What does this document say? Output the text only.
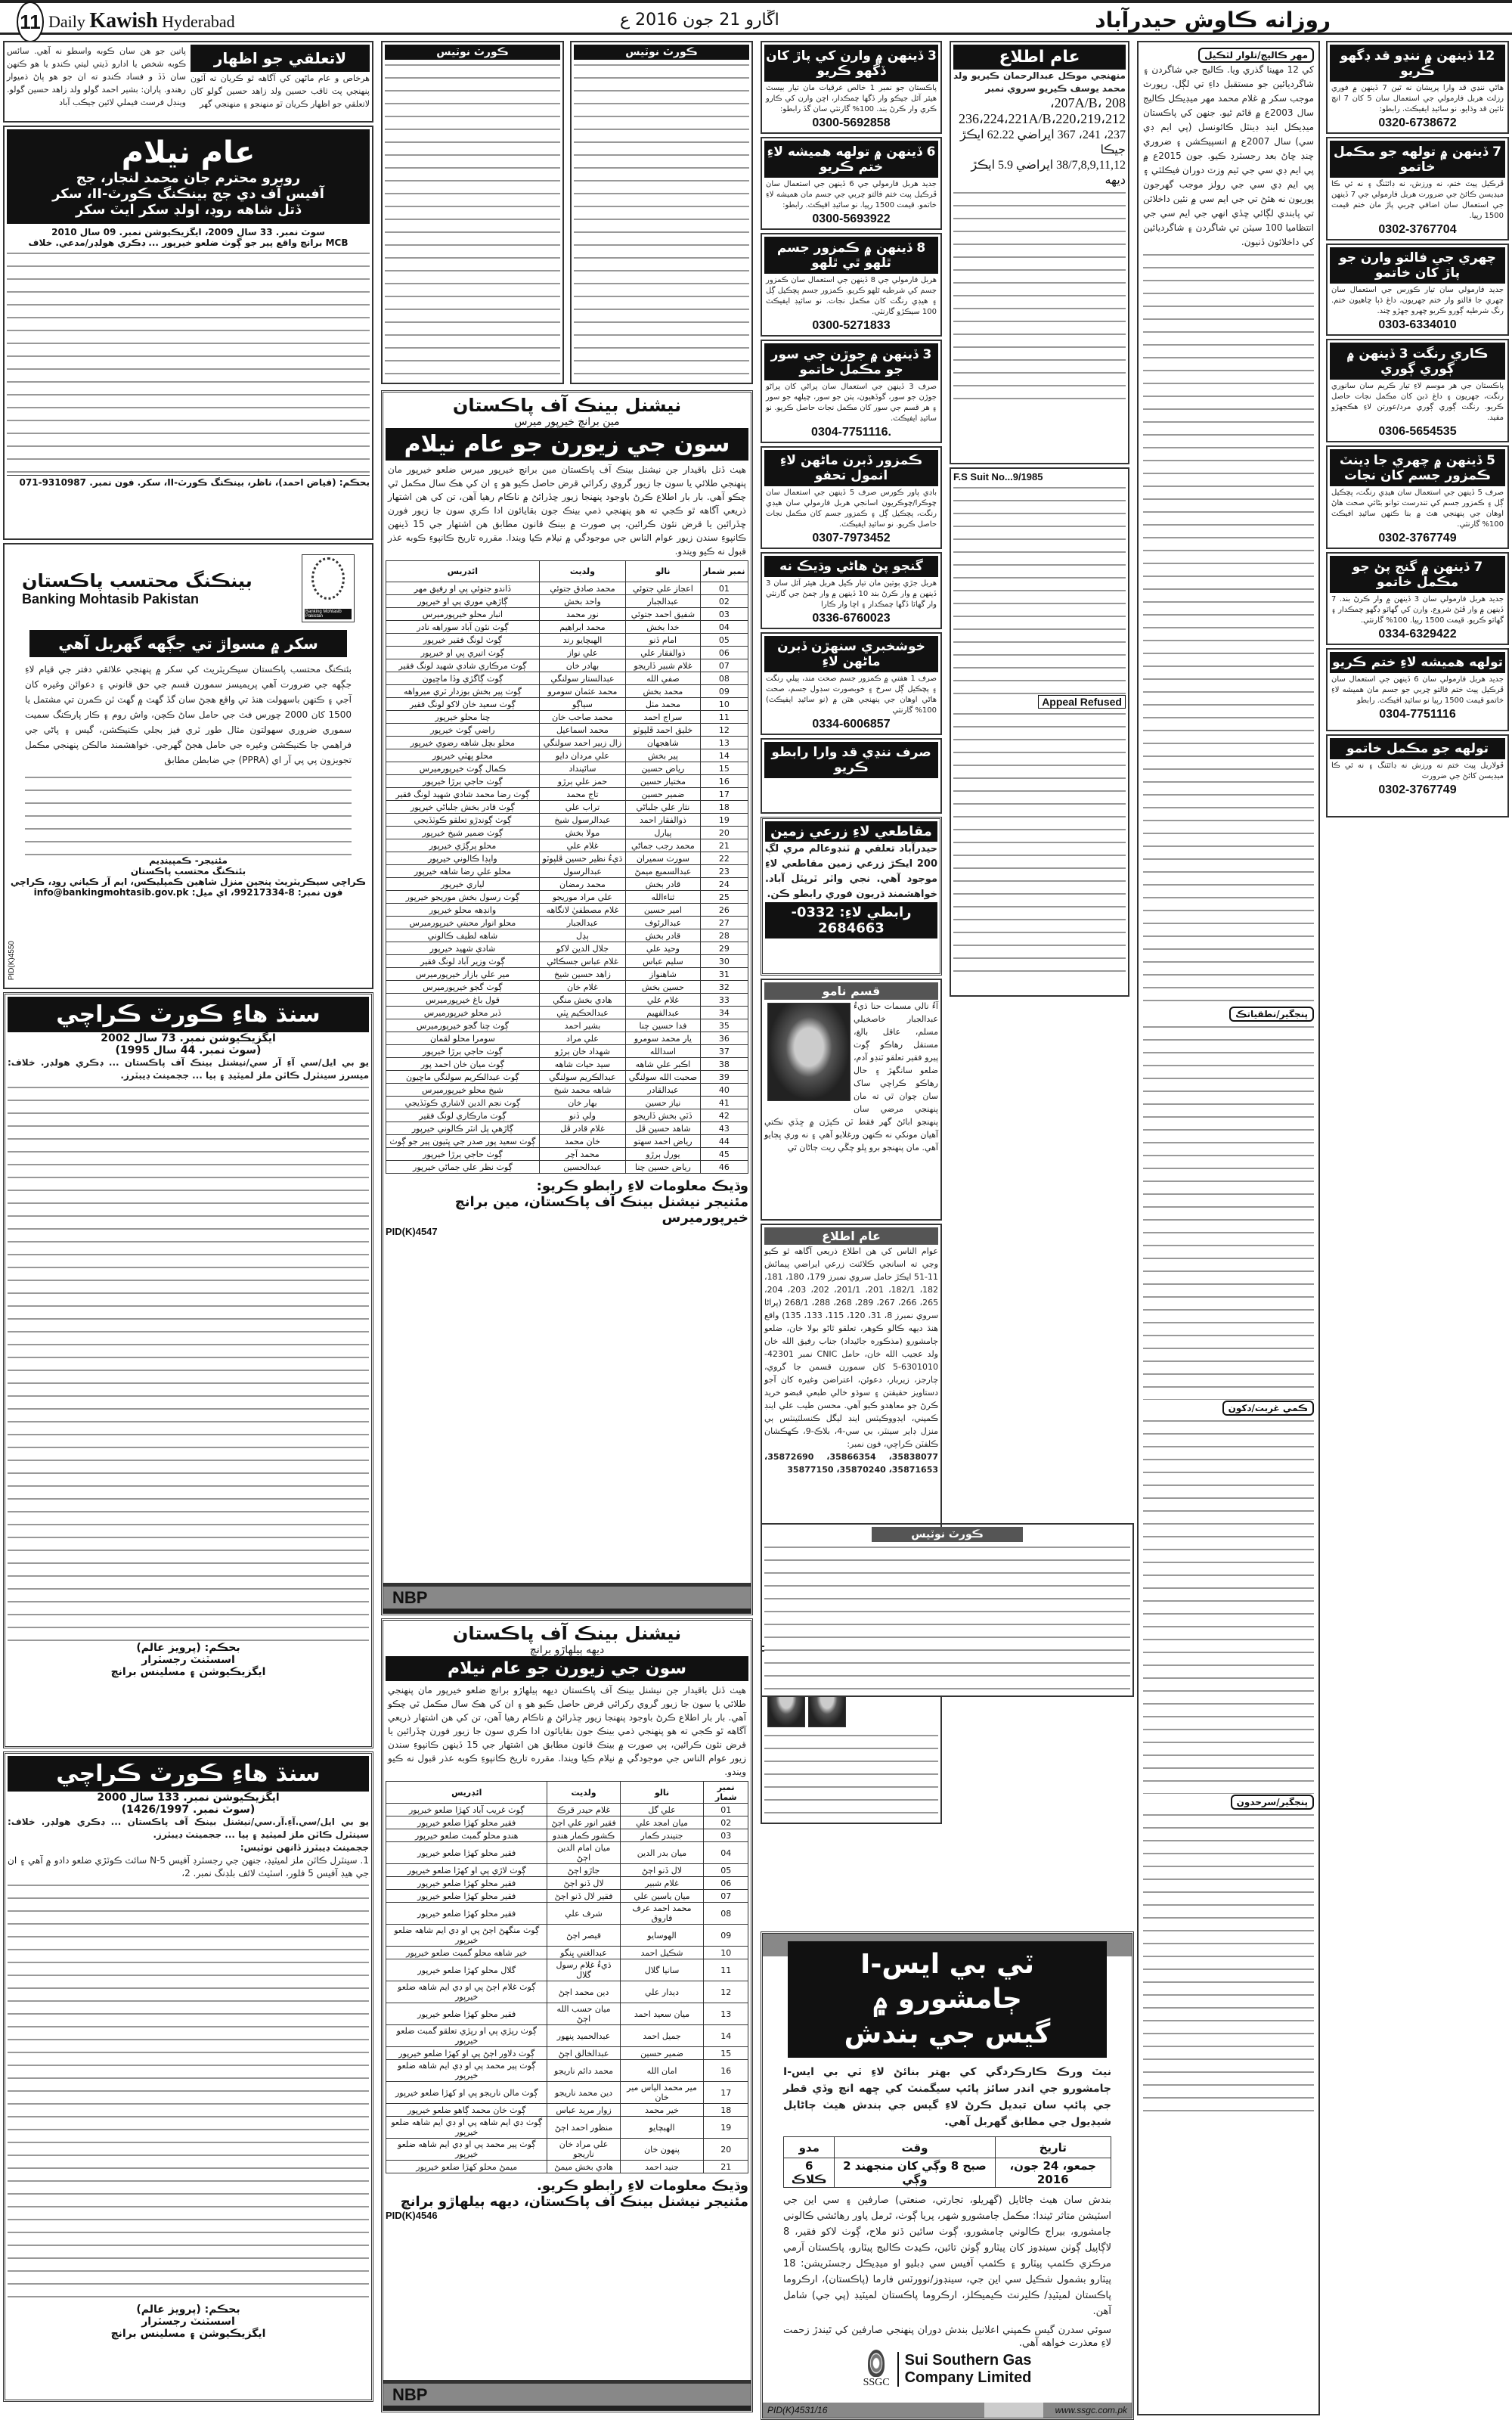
11 Daily Kawish Hyderabad	اڱارو 21 جون 2016 ع	روزانه ڪاوش حيدرآباد
لاتعلقي جو اظهار
هرخاص و عام ماڻهن کي آگاهه ٿو ڪريان ته آئون پنهنجي پٽ ثاقب حسين ولد زاهد حسين گولو کان لاتعلقي جو اظهار ڪريان ٿو منهنجو ۽ منهنجي گهر
پاتين جو هن سان ڪوبه واسطو نه آهي. سائس ڪوبه شخص يا ادارو ڏيتي ليتي ڪندو يا هو ڪنهن سان ڏڏ و فساد ڪندو ته ان جو هو پاڻ ذميوار رهندو. پاران: بشير احمد گولو ولد زاهد حسين گولو. وينڊل فرسٽ فيملي لائين جيڪب آباد
عام نيلام
روبرو محترم جان محمد لنجار، جج
آفيس آف دي جج بينڪنگ ڪورٽ-II، سکر
ڏتل شاهه روڊ، اولڊ سکر ايٽ سکر
سوٽ نمبر. 33 سال 2009، ايگزيڪيوشن نمبر. 09 سال 2010
MCB برانچ واقع پير جو ڳوٺ ضلعو خيرپور ... ڊڪري هولڊر/مدعي. خلاف
بحڪم: (فياض احمد)، ناظر، بينڪنگ ڪورٽ-II، سکر. فون نمبر. 9310987-071
بينڪنگ محتسب پاڪستان
Banking Mohtasib Pakistan
Banking Mohtasib Pakistan
سکر ۾ مسواڙ تي جڳهه گهربل آهي
بئنڪنگ محتسب پاڪستان سيڪريٽريٽ کي سکر ۾ پنهنجي علائقي دفتر جي قيام لاءِ جڳهه جي ضرورت آهي پريميسز سمورن قسم جي حق قانوني ۽ دعوائن وغيره کان آجي ۽ ڪنهن باسهولت هنڌ تي واقع هجڻ سان گڏ گهٽ ۾ گهٽ ٽن ڪمرن تي مشتمل يا 1500 کان 2000 چورس فٽ جي حامل ساڻ ڪچن، واش روم ۽ ڪار پارڪنگ سميت سموري ضروري سهولتون مثال طور ٽري فيز بجلي ڪنيڪشن، گيس ۽ پاڻي جي فراهمي جا ڪنيڪشن وغيره جي حامل هجڻ گهرجي. خواهشمند مالڪن پنهنجي مڪمل تجويزون پي پي آر اي (PPRA) جي ضابطن مطابق
مئنيجر- ڪمپينڊيم
بئنڪنگ محتسب پاڪستان
ڪراچي سيڪريٽريٽ پنجين منزل شاهين ڪمپليڪس، ايم آر ڪياني روڊ، ڪراچي
فون نمبر: 8-99217334، اي ميل: info@bankingmohtasib.gov.pk
PID(K)4550
سنڌ هاءِ ڪورٽ ڪراچي
ايگزيڪيوشن نمبر. 73 سال 2002
(سوٽ نمبر. 44 سال 1995)
يو بي ايل/سي آءِ آر سي/نيشنل بينڪ آف پاڪستان ... ڊڪري هولڊر. خلاف: ميسرز سينٽرل ڪاٽن ملز لميٽيڊ ۽ ٻيا ... ججمينٽ ڊيبٽرز.
بحڪم: (پرويز عالم)
اسسٽنٽ رجسٽرار
ايگزيڪيوشن ۽ مسلينس برانچ
سنڌ هاءِ ڪورٽ ڪراچي
ايگزيڪيوشن نمبر. 133 سال 2000
(سوٽ نمبر. 1426/1997)
يو بي ايل/سي.آءِ.آر.سي/نيشنل بينڪ آف پاڪستان ... ڊڪري هولڊر. خلاف: سينٽرل ڪاٽن ملز لميٽيڊ ۽ ٻيا ... ججمينٽ ڊيبٽرز.
ججمينٽ ڊيبٽرز ڏانهن نوٽيس:
1. سينٽرل ڪاٽن ملز لميٽيڊ، جنهن جي رجسٽرڊ آفيس N-5 سائٽ ڪوٽڙي ضلعو دادو ۾ آهي ۽ ان جي هيڊ آفيس 5 فلور، اسٽيٽ لائف بلڊنگ نمبر. 2،
بحڪم: (پرويز عالم)
اسسٽنٽ رجسٽرار
ايگزيڪيوشن ۽ مسلينس برانچ
ڪورٽ نوٽيس	ڪورٽ نوٽيس
نيشنل بينڪ آف پاڪستان
مين برانچ خيرپور ميرس
سون جي زيورن جو عام نيلام
هيٺ ڏنل باقيدار جن نيشنل بينڪ آف پاڪستان مين برانچ خيرپور ميرس ضلعو خيرپور مان پنهنجي طلائي يا سون جا زيور گروي رکرائي قرض حاصل ڪيو هو ۽ ان کي هڪ سال مڪمل ٿي چڪو آهي. بار بار اطلاع ڪرڻ باوجود پنهنجا زيور ڇڏرائڻ ۾ ناڪام رهيا آهن، تن کي هن اشتهار ذريعي آگاهه ٿو ڪجي ته هو پنهنجي ذمي بينڪ جون بقايائون ادا ڪري سون جا زيور فورن ڇڏرائين يا قرض نئون ڪرائين، ٻي صورت ۾ بينڪ قانون مطابق هن اشتهار جي 15 ڏينهن ڪانپوءِ سندن زيور عوام الناس جي موجودگي ۾ نيلام ڪيا ويندا. مقرره تاريخ ڪانپوءِ ڪوبه عذر قبول نه ڪيو ويندو.
نمبر شمار	نالو	ولديت	ائڊريس
01	اعجاز علي جتوئي	محمد صادق جتوئي	ڏاندو جتوئي پي او رفيق مهر
02	عبدالجبار	واحد بخش	ڳاڙهي موري پي او خيرپور
03	شفيق احمد جتوئي	نور محمد	انبار محلو خيرپورميرس
04	خدا بخش	محمد ابراهيم	ڳوٺ نئون آباد سوراهه نادر
05	امام ڏنو	الهبچايو رند	ڳوٺ لونگ فقير خيرپور
06	ذوالفقار علي	علي نواز	ڳوٺ اتيري پي او خيرپور
07	غلام شبير ڏاريجو	بهادر خان	ڳوٺ مرڪاري شادي شهيد لونگ فقير
08	صفي الله	عبدالستار سولنگي	ڳوٺ ڳاگڙي وڏا ماڇيون
09	محمد بخش	محمد عثمان سومرو	ڳوٺ پير بخش بوزدار ٽري ميرواهه
10	محمد مٺل	سياڳو	ڳوٺ سعيد خان لاکو لونگ فقير
11	سراج احمد	محمد صاحب خان	چنا محلو خيرپور
12	خليق احمد ڦلپوٽو	محمد اسماعيل	راضي ڳوٺ خيرپور
13	شاهجهان	زال زبير احمد سولنگي	محلو بچل شاهه رضوي خيرپور
14	پير بخش	علي مردان دايو	محلو ڀهٽي خيرپور
15	رياض حسين	سائينداد	ڪمال ڳوٺ خيرپورميرس
16	مختيار حسين	حمز علي ٻرڙو	ڳوٺ حاجي ٻرڙا خيرپور
17	ضمير حسين	تاج محمد	ڳوٺ رضا محمد شادي شهيد لونگ فقير
18	نثار علي جلباڻي	تراب علي	ڳوٺ قادر بخش جلباڻي خيرپور
19	ذوالفقار احمد	عبدالرسول شيخ	ڳوٺ ڳوندڙو تعلقو ڪوٽڏيجي
20	پيارل	مولا بخش	ڳوٺ ضمير شيخ خيرپور
21	محمد رجب جماڻي	غلام علي	محلو پرڳڙي خيرپور
22	سورٺ سميران	ڌيءُ نظير حسين ڦلپوٽو	واپڊا ڪالوني خيرپور
23	عبدالسميع ميمڻ	عبدالرسول	محلو علي رضا شاهه خيرپور
24	قادر بخش	محمد رمضان	لياري خيرپور
25	ثناءالله	علي مراد موريجو	ڳوٺ رسول بخش موريجو خيرپور
26	امير حسين	غلام مصطفيٰ لانگاهه	وانڍهه محلو خيرپور
27	عبدالرئوف	عبدالجبار	محلو انوار محبتي خيرپورميرس
28	قادر بخش	ٻڍل	شاهه لطيف ڪالوني
29	وحيد علي	جلال الدين لاکو	شادي شهيد خيرپور
30	سليم عباس	غلام عباس جسڪاڻي	ڳوٺ وزير آباد لونگ فقير
31	شاهنواز	زاهد حسين شيخ	مير علي بازار خيرپورميرس
32	حسين بخش	غلام خان	ڳوٺ گجو خيرپورميرس
33	غلام علي	هادي بخش منگي	قول باغ خيرپورميرس
34	عبدالفهيم	عبدالحڪيم ڀٽي	ڏبر محلو خيرپورميرس
35	فدا حسين چنا	بشير احمد	ڳوٺ چنا گجو خيرپورميرس
36	يار محمد سومرو	علي مراد	سومرا محلو لقمان
37	اسدالله	شهداد خان ٻرڙو	ڳوٺ حاجي ٻرڙا خيرپور
38	اڪبر علي شاهه	سيد حيات شاهه	ڳوٺ ميان خان احمد پور
39	صحبت الله سولنگي	عبدالڪريم سولنگي	ڳوٺ عبدالڪريم سولنگي ماڇيون
40	عبدالقادر	شاهه محمد شيخ	شيخ محلو خيرپورميرس
41	نياز حسين	بهار خان	ڳوٺ نجم الدين لاشاري ڪوٽڏيجي
42	ڏٽي بخش ڏاريجو	ولي ڏنو	ڳوٺ مارڪاري لونگ فقير
43	شاهد حسين ڦل	غلام قادر ڦل	ڳاڙهي پل انٽر ڪالوني خيرپور
44	رياض احمد سهتو	خان محمد	ڳوٺ سعيد پور صدر جي ڀٽيون پير جو ڳوٺ
45	يورل ٻرڙو	محمد آچر	ڳوٺ حاجي ٻرڙا خيرپور
46	رياض حسين چنا	عبدالحسين	ڳوٺ نظر علي جماڻي خيرپور
وڌيڪ معلومات لاءِ رابطو ڪريو:
مئنيجر نيشنل بينڪ آف پاڪستان، مين برانچ خيرپورميرس
PID(K)4547
NBP
نيشنل بينڪ آف پاڪستان
ديهه ٻيلهاڙو برانچ
سون جي زيورن جو عام نيلام
هيٺ ڏنل باقيدار جن نيشنل بينڪ آف پاڪستان ديهه ٻيلهاڙو برانچ ضلعو خيرپور مان پنهنجي طلائي يا سون جا زيور گروي رکرائي قرض حاصل ڪيو هو ۽ ان کي هڪ سال مڪمل ٿي چڪو آهي. بار بار اطلاع ڪرڻ باوجود پنهنجا زيور ڇڏرائڻ ۾ ناڪام رهيا آهن، تن کي هن اشتهار ذريعي آگاهه ٿو ڪجي ته هو پنهنجي ذمي بينڪ جون بقايائون ادا ڪري سون جا زيور فورن ڇڏرائين يا قرض نئون ڪرائين، ٻي صورت ۾ بينڪ قانون مطابق هن اشتهار جي 15 ڏينهن ڪانپوءِ سندن زيور عوام الناس جي موجودگي ۾ نيلام ڪيا ويندا. مقرره تاريخ ڪانپوءِ ڪوبه عذر قبول نه ڪيو ويندو.
نمبر شمار	نالو	ولديت	ائڊريس
01	علي گل	غلام حيدر قرڪ	ڳوٺ غريب آباد کهڙا ضلعو خيرپور
02	ميان امجد علي	فقير انور علي اڄڻ	فقير محلو کهڙا ضلعو خيرپور
03	جتيندر ڪمار	ڪشور ڪمار هندو	هندو محلو گمبٽ ضلعو خيرپور
04	ميان بدر الدين	ميان امام الدين اڄڻ	فقير محلو کهڙا ضلعو خيرپور
05	لال ڏنو اڄڻ	جاڙو اڄڻ	ڳوٺ لاڙي پي او کهڙا ضلعو خيرپور
06	غلام شبير	لال ڏنو اڄڻ	فقير محلو کهڙا ضلعو خيرپور
07	ميان ياسين علي	فقير لال ڏنو اڄڻ	فقير محلو کهڙا ضلعو خيرپور
08	محمد احمد عرف فاروق	شرف علي	فقير محلو کهڙا ضلعو خيرپور
09	الهوسايو	قيصر اڄڻ	ڳوٺ منگهڻ اڄڻ پي او ڊي ايم شاهه ضلعو خيرپور
10	شڪيل احمد	عبدالغني ڀنگو	خير شاهه محلو گمبٽ ضلعو خيرپور
11	سانيا گلال	ڌيءُ غلام رسول گلال	گلال محلو کهڙا ضلعو خيرپور
12	ديدار علي	دين محمد اڄڻ	ڳوٺ غلام اڄڻ پي او ڊي ايم شاهه ضلعو خيرپور
13	ميان سعيد احمد	ميان حسب الله اڄڻ	فقير محلو کهڙا ضلعو خيرپور
14	جميل احمد	عبدالحميد پنهور	ڳوٺ رپڙي پي او رپڙي تعلقو گمبٽ ضلعو خيرپور
15	ضمير حسين	عبدالخالق اڄڻ	ڳوٺ دلاور اڄڻ پي او کهڙا ضلعو خيرپور
16	امان الله	محمد دائم ناريجو	ڳوٺ پير محمد پي او ڊي ايم شاهه ضلعو خيرپور
17	مير محمد الياس مير خان	دين محمد ناريجو	ڳوٺ مالن ناريجو پي او کهڙا ضلعو خيرپور
18	خير محمد	زوار مريد عباس	ڳوٺ خان محمد ڳاهو ضلعو خيرپور
19	الهبچايو	منظور احمد اڄڻ	ڳوٺ ڊي ايم شاهه پي او ڊي ايم شاهه ضلعو خيرپور
20	پنهون خان	علي مراد خان ناريجو	ڳوٺ پير محمد پي او ڊي ايم شاهه ضلعو خيرپور
21	جنيد احمد	هادي بخش ميمڻ	ميمڻ محلو کهڙا ضلعو خيرپور
وڌيڪ معلومات لاءِ رابطو ڪريو.
مئنيجر نيشنل بينڪ آف پاڪستان، ديهه ٻيلهاڙو برانچ
PID(K)4546
NBP
3 ڏينهن ۾ وارن کي پاڙ کان ڏگهو ڪريو
پاڪستان جو نمبر 1 خالص عرقيات مان تيار بيسٽ هيئر آئل جيڪو وار ڏگها چمڪدار، اڇن وارن کي ڪارو ڪري وار ڪرڻ بند. 100% گارنٽي سان گڏ رابطو:
0300-5692858
6 ڏينهن ۾ تولهه هميشه لاءِ ختم ڪريو
جديد هربل فارمولي جي 6 ڏينهن جي استعمال سان ڦرڪيل پيٽ ختم فالتو چربي جي جسم مان هميشه لاءِ خاتمو. قيمت 1500 رپيا. نو سائيڊ افيڪٽ. رابطو:
0300-5693922
8 ڏينهن ۾ ڪمزور جسم ٿلهو ٿي ٿلهو
هربل فارمولي جي 8 ڏينهن جي استعمال سان ڪمزور جسم کي شرطيه ٿلهو ڪريو. ڪمزور جسم پچڪيل ڳل ۽ هيڊي رنگت کان مڪمل نجات. نو سائيڊ ايفيڪٽ 100 سيڪڙو گارنٽي.
0300-5271833
3 ڏينهن ۾ جوڙن جي سور جو مڪمل خاتمو
صرف 3 ڏينهن جي استعمال سان پراڻي کان پراڻو جوڙن جو سور، گوڏهيون، پٺن جو سور، چيلهه جو سور ۽ هر قسم جي سور کان مڪمل نجات حاصل ڪريو. نو سائيڊ ايفيڪٽ.
0304-7751116.
ڪمزور ڏبرن ماڻهن لاءِ انمول تحفو
باڊي پاور ڪورس صرف 5 ڏينهن جي استعمال سان چوڪرا/چوڪريون اسانجي هربل فارمولي سان هيڊي رنگت، پچڪيل ڳل ۽ ڪمزور جسم کان مڪمل نجات حاصل ڪريو. نو سائيڊ ايفيڪٽ.
0307-7973452
گنجو پڻ هاڻي وڌيڪ نه
هربل جڙي ٻوٽين مان تيار ڪيل هربل هيئر آئل سان 3 ڏينهن ۾ وار ڪرڻ بند 10 ڏينهن ۾ وار ڄمڻ جي گارنٽي وار گهاٽا ڏگها چمڪدار ۽ اڇا وار ڪارا
0336-6760023
خوشخبري سنهڙن ڏبرن ماڻهن لاءِ
صرف 1 هفتي ۾ ڪمزور جسم صحت مند، پيلي رنگت ۽ پچڪيل ڳل سرخ ۽ خوبصورت سڊول جسم، صحت هاڻي اوهان جي پنهنجي هٿن ۾ (نو سائيڊ ايفيڪٽ) 100% گارنٽي
0334-6006857
صرف ننڍي قد وارا رابطو ڪريو
مقاطعي لاءِ زرعي زمين
حيدرآباد تعلقي ۾ ٽنڊوعالم مري لڳ 200 ايڪڙ زرعي زمين مقاطعي لاءِ موجود آهي. نجي واٽر ٽرپٽل آباد. خواهشمند ڌريون فوري رابطو ڪن.
رابطي لاءِ: 0332-2684663
قسم نامو
آءُ نالي مسمات حنا ڌيءُ عبدالجبار خاصخيلي مسلم، عاقل بالغ، مستقل رهاڪو ڳوٺ پيرو فقير تعلقو ٽنڊو آدم، ضلعو سانگهڙ ۽ حال رهاڪو ڪراچي ساک سان چوان ٿي ته مان پنهنجي مرضي سان پنهنجو ابائڻ گهر فقط ٽن ڪپڙن ۾ ڇڏي نڪتي آهيان مونکي نه ڪنهن ورغلايو آهي ۽ نه وري ڀڄايو آهي. مان پنهنجو برو ڀلو چڱي ريت ڄاڻان ٿي
عام اطلاع
عوام الناس کي هن اطلاع ذريعي آگاهه ٿو ڪيو وڃي ته اسانجي ڪلائنٽ زرعي ايراضي پيمائش 11-51 ايڪڙ حامل سروي نمبرز 179، 180، 181، 182، 182/1، 201، 201/1، 202، 203، 204، 265، 266، 267، 289، 268، 288، 268/1 (پراڻا سروي نمبرز 8، 31، 120، 115، 133، 135) واقع هنڌ ديهه ڪالو ڪوهر، تعلقو ٿاڻو بولا خان، ضلعو ڄامشورو (مذڪوره جائيداد) جناب رفيق الله خان ولد عجيب الله خان، حامل CNIC نمبر 42301-6301010-5 کان سمورن قسمن جا گروي، چارجز، زيربار، دعوئن، اعتراضن وغيره کان آجو دستاويز حقيقتن ۽ سوڌو خالي طبعي قبضو خريد ڪرڻ جو معاهدو ڪيو آهي. محسن طيب علي اينڊ ڪمپني، ايڊووڪيٽس اينڊ ليگل ڪنسلٽينٽس ٻي منزل ڊاير سينٽر، بي سي-4، بلاڪ-9، ڪهڪشان ڪلفٽن ڪراچي، فون نمبر:
35838077، 35866354، 35872690، 35871653، 35870240، 35877150
ڪورٽ نوٽيس
ٽي بي ايس-I ڄامشورو ۾
گيس جي بندش
نيٽ ورڪ ڪارڪردگي کي بهتر بنائڻ لاءِ ٽي بي ايس-I ڄامشورو جي اندر سائز پائپ سيگمنٽ کي ڇهه انچ وڏي قطر جي پائپ سان تبديل ڪرڻ لاءِ گيس جي بندش هيٺ ڄاڻايل شيڊيول جي مطابق گهربل آهي.
تاريخ	وقت	مدو
جمعو، 24 جون، 2016	صبح 8 وڳي کان منجهند 2 وڳي	6 ڪلاڪ
بندش سان هيٺ ڄاڻايل (گهريلو، تجارتي، صنعتي) صارفين ۽ سي اين جي اسٽيشن متاثر ٿيندا: مڪمل ڄامشورو شهر، پريا ڳوٺ، ٿرمل پاور رهائشي ڪالوني ڄامشورو، بيراج ڪالوني ڄامشورو، ڳوٺ سائين ڏنو ملاح، ڳوٺ لاکو فقير، 8 لاڳاپيل ڳوٺن سينڊوز کان پيٽارو ڳوٺن تائين، ڪيڊٽ ڪاليج پيٽارو، پاڪستان آرمي مرڪزي ڪئمپ پيٽارو ۽ ڪئمپ آفيس سي ڊبليو او ميڊيڪل رجسٽريشن: 18 پيٽارو بشمول شڪيل سي اين جي، سينڊوز/نوورٽس فارما (پاڪستان)، ارڪروما پاڪستان لميٽيڊ/ ڪليرنٽ ڪيميڪلز، ارڪروما پاڪستان لميٽيڊ (پي جي) شامل آهن.
سوئي سدرن گيس ڪمپني اعلانيل بندش دوران پنهنجي صارفين کي ٿيندڙ زحمت لاءِ معذرت خواهه آهي.
SSGC
Sui Southern Gas
Company Limited
PID(K)4531/16	www.ssgc.com.pk
عام اطلاع
منهنجي موڪل عبدالرحمان ڪيريو ولد محمد يوسف ڪيريو سروي نمبر
207A/B، 208،
236،224،221A/B،220،219،212
237، 241، 367 ايراضي 62.22 ايڪڙ جيڪا
38/7,8,9,11,12 ايراضي 5.9 ايڪڙ ديهه
F.S Suit No...9/1985
Appeal Refused
مهر ڪاليج/تلوار لٽڪيل
کي 12 مهينا گذري ويا. ڪاليج جي شاگردن ۽ شاگرديائين جو مستقبل داءِ تي لڳل. رپورٽ موجب سکر ۾ غلام محمد مهر ميڊيڪل ڪاليج سال 2003ع ۾ قائم ٿيو. جنهن کي پاڪستان ميڊيڪل اينڊ ڊينٽل ڪائونسل (پي ايم ڊي سي) سال 2007ع ۾ انسپيڪشن ۽ ضروري چنڊ ڇاڻ بعد رجسٽرڊ ڪيو. جون 2015ع ۾ پي ايم ڊي سي جي ٽيم وزٽ دوران فيڪلٽي ۽ پي ايم ڊي سي جي رولز موجب گهرجون پوريون نه هئڻ تي جي ايم سي ۾ نئين داخلائن تي پابندي لڳائي ڇڏي انهي جي ايم سي جي انتظاميا 100 سيٽن تي شاگردن ۽ شاگرديائين کي داخلائون ڏنيون.
پنجگير/نطقياتڪ
ڪمي غربت/دکون
پنجگير/سرحدون
12 ڏينهن ۾ ننڍو قد ڊگهو ڪريو
هاڻي ننڍي قد وارا پريشان نه ٿين 7 ڏينهن ۾ فوري رزلٽ هربل فارمولي جي استعمال سان 5 کان 7 انچ تائين قد وڌايو. نو سائيڊ ايفيڪٽ. رابطو:
0320-6738672
7 ڏينهن ۾ تولهه جو مڪمل خاتمو
ڦرڪيل پيٽ ختم، نه ورزش، نه ڊائٽنگ ۽ نه ئي ڪا ميڊيسن ڪائڻ جي ضرورت هربل فارمولي جي 7 ڏينهن جي استعمال سان اضافي چربي پاڙ مان ختم قيمت 1500 رپيا.
0302-3767704
چهري جي فالتو وارن جو پاڙ کان خاتمو
جديد فارمولي سان تيار ڪورس جي استعمال سان چهري جا فالتو وار ختم جهريون، داغ ڌٻا ڇاهيون ختم. رنگ شرطيه ڳورو ڪريو چهرو جهڙو چند.
0303-6334010
ڪاري رنگت 3 ڏينهن ۾ ڳوري ڳوري
پاڪستان جي هر موسم لاءِ تيار ڪريم سان سانوري رنگت، جهريون ۽ داغ ڌبن کان مڪمل نجات حاصل ڪريو. رنگت ڳوري ڳوري مرد/عورتن لاءِ هڪجهڙو مفيد.
0306-5654535
5 ڏينهن ۾ چهري جا ڊينٽ ڪمزور جسم کان نجات
صرف 5 ڏينهن جي استعمال سان هيڊي رنگت، پچڪيل ڳل ۽ ڪمزور جسم کي تندرست توانو بڻائي صحت هاڻ اوهان جي پنهنجي هٿ ۾ بنا ڪنهن سائيڊ افيڪٽ 100% گارنٽي.
0302-3767749
7 ڏينهن ۾ گنج پڻ جو مڪمل خاتمو
جديد هربل فارمولي سان 3 ڏينهن ۾ وار ڪرڻ بند. 7 ڏينهن ۾ وار ڦٽڻ شروع. وارن کي گهاٽو ڊگهو چمڪدار ۽ گهاٽو ڪريو. قيمت 1500 رپيا. 100% گارنٽي.
0334-6329422
تولهه هميشه لاءِ ختم ڪريو
جديد هربل فارمولي سان 6 ڏينهن جي استعمال سان ڦرڪيل پيٽ ختم فالتو چربي جو جسم مان هميشه لاءِ خاتمو قيمت 1500 رپيا نو سائيڊ افيڪٽ. رابطو
0304-7751116
تولهه جو مڪمل خاتمو
ڦولاريل پيٽ ختم نه ورزش نه ڊائٽنگ ۽ نه ئي ڪا ميڊيسن کائڻ جي ضرورت
0302-3767749
